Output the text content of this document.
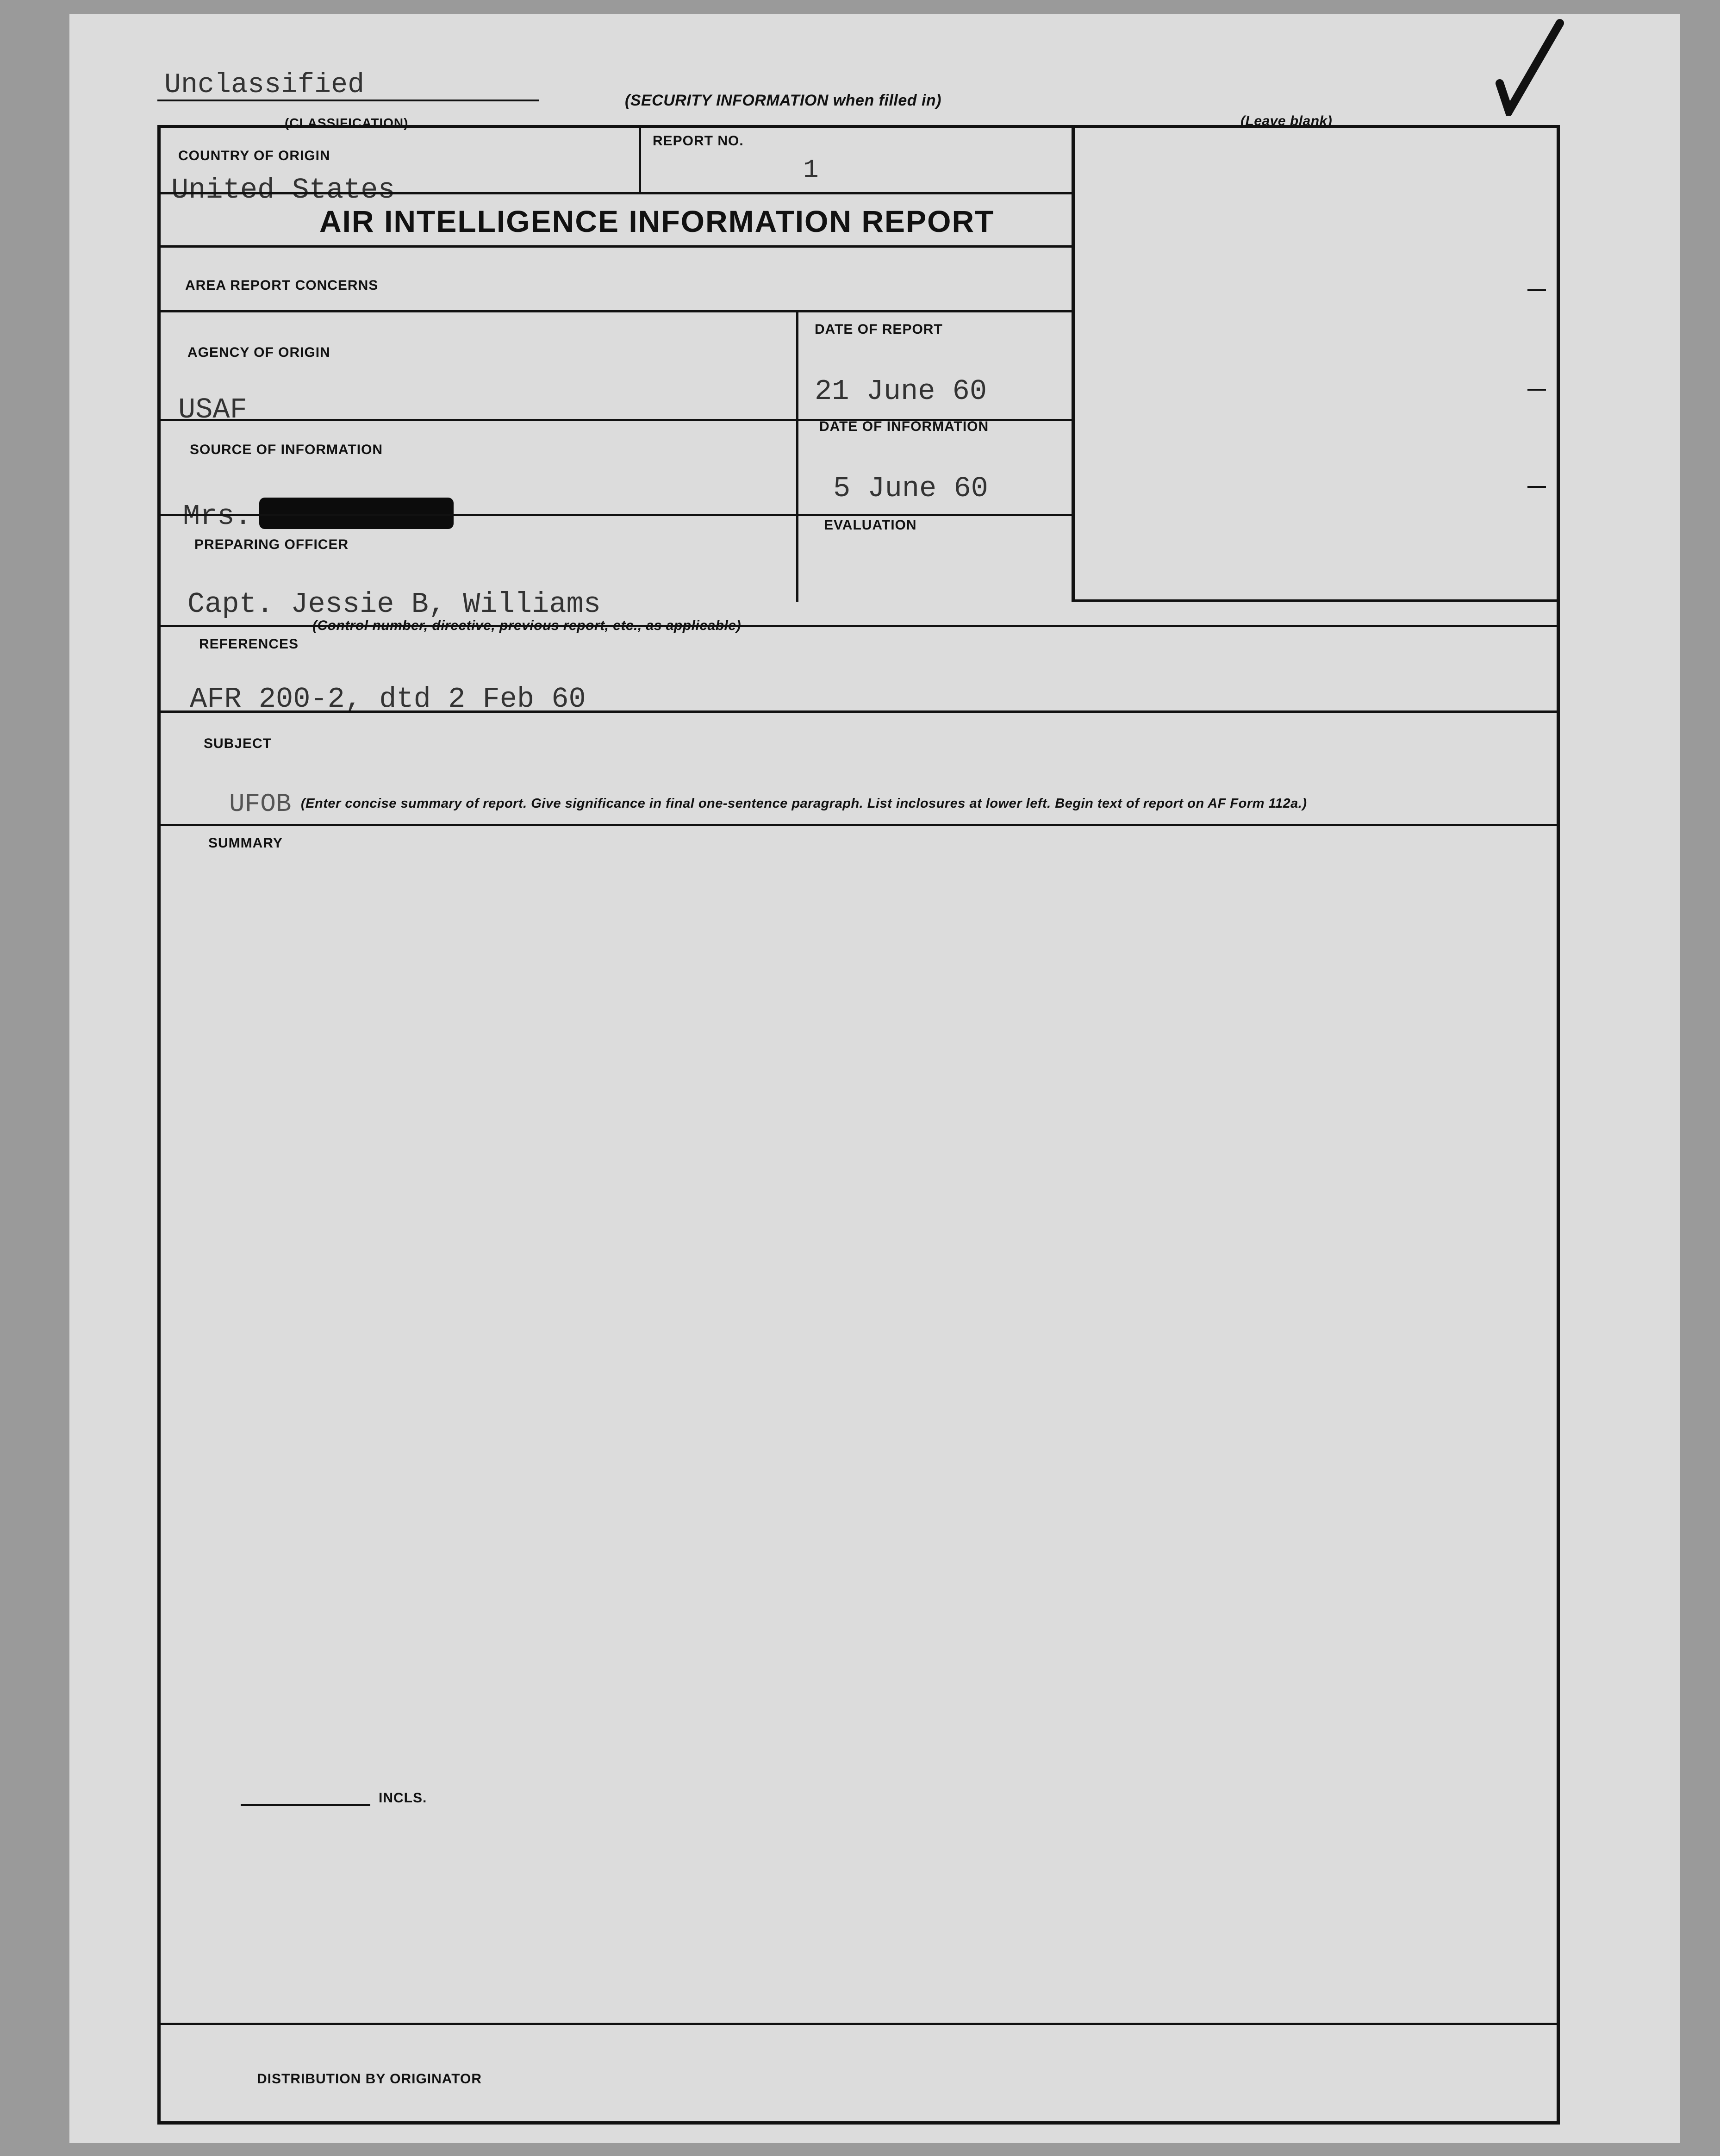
Unclassified
(CLASSIFICATION)
(SECURITY INFORMATION when filled in)
(Leave blank)
COUNTRY OF ORIGIN
United States
REPORT NO.
1
AIR INTELLIGENCE INFORMATION REPORT
AREA REPORT CONCERNS
AGENCY OF ORIGIN
USAF
DATE OF REPORT
21 June 60
SOURCE OF INFORMATION
Mrs.
DATE OF INFORMATION
5 June 60
PREPARING OFFICER
Capt. Jessie B, Williams
EVALUATION
REFERENCES
(Control number, directive, previous report, etc., as applicable)
AFR 200-2, dtd 2 Feb 60
SUBJECT
UFOB
SUMMARY
(Enter concise summary of report. Give significance in final one-sentence paragraph. List inclosures at lower left. Begin text of report on AF Form 112a.)
INCLS.
DISTRIBUTION BY ORIGINATOR
